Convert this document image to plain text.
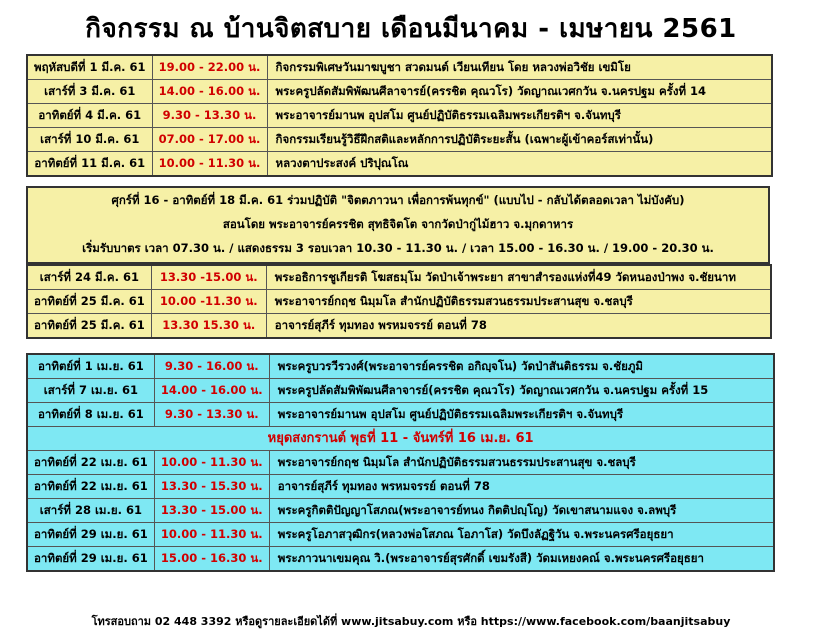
กิจกรรม ณ บ้านจิตสบาย เดือนมีนาคม - เมษายน 2561
พฤหัสบดีที่ 1 มี.ค. 61	19.00 - 22.00 น.	กิจกรรมพิเศษวันมาฆบูชา สวดมนต์ เวียนเทียน โดย หลวงพ่อวิชัย เขมิโย
เสาร์ที่ 3 มี.ค. 61	14.00 - 16.00 น.	พระครูปลัดสัมพิพัฒนศีลาจารย์(ครรชิต คุณวโร) วัดญาณเวศกวัน จ.นครปฐม ครั้งที่ 14
อาทิตย์ที่ 4 มี.ค. 61	9.30 - 13.30 น.	พระอาจารย์มานพ อุปสโม ศูนย์ปฏิบัติธรรมเฉลิมพระเกียรติฯ จ.จันทบุรี
เสาร์ที่ 10 มี.ค. 61	07.00 - 17.00 น.	กิจกรรมเรียนรู้วิธีฝึกสติและหลักการปฏิบัติระยะสั้น (เฉพาะผู้เข้าคอร์สเท่านั้น)
อาทิตย์ที่ 11 มี.ค. 61	10.00 - 11.30 น.	หลวงตาประสงค์ ปริปุณโณ
ศุกร์ที่ 16 - อาทิตย์ที่ 18 มี.ค. 61 ร่วมปฏิบัติ "จิตตภาวนา เพื่อการพ้นทุกข์" (แบบไป - กลับได้ตลอดเวลา ไม่บังคับ)
สอนโดย พระอาจารย์ครรชิต สุทธิจิตโต จากวัดป่ากู่ไม้ฮาว จ.มุกดาหาร
เริ่มรับบาตร เวลา 07.30 น. / แสดงธรรม 3 รอบเวลา 10.30 - 11.30 น. / เวลา 15.00 - 16.30 น. / 19.00 - 20.30 น.
เสาร์ที่ 24 มี.ค. 61	13.30 -15.00 น.	พระอธิการชูเกียรติ โฆสธมฺโม วัดป่าเจ้าพระยา สาขาสำรองแห่งที่49 วัดหนองป่าพง จ.ชัยนาท
อาทิตย์ที่ 25 มี.ค. 61	10.00 -11.30 น.	พระอาจารย์กฤช นิมฺมโล สำนักปฏิบัติธรรมสวนธรรมประสานสุข จ.ชลบุรี
อาทิตย์ที่ 25 มี.ค. 61	13.30 15.30 น.	อาจารย์สุภีร์ ทุมทอง พรหมจรรย์ ตอนที่ 78
อาทิตย์ที่ 1 เม.ย. 61	9.30 - 16.00 น.	พระครูบวรวีรวงศ์(พระอาจารย์ครรชิต อกิญฺจโน) วัดป่าสันติธรรม จ.ชัยภูมิ
เสาร์ที่ 7 เม.ย. 61	14.00 - 16.00 น.	พระครูปลัดสัมพิพัฒนศีลาจารย์(ครรชิต คุณวโร) วัดญาณเวศกวัน จ.นครปฐม ครั้งที่ 15
อาทิตย์ที่ 8 เม.ย. 61	9.30 - 13.30 น.	พระอาจารย์มานพ อุปสโม ศูนย์ปฏิบัติธรรมเฉลิมพระเกียรติฯ จ.จันทบุรี
หยุดสงกรานต์ พุธที่ 11 - จันทร์ที่ 16 เม.ย. 61		
อาทิตย์ที่ 22 เม.ย. 61	10.00 - 11.30 น.	พระอาจารย์กฤช นิมฺมโล สำนักปฏิบัติธรรมสวนธรรมประสานสุข จ.ชลบุรี
อาทิตย์ที่ 22 เม.ย. 61	13.30 - 15.30 น.	อาจารย์สุภีร์ ทุมทอง พรหมจรรย์ ตอนที่ 78
เสาร์ที่ 28 เม.ย. 61	13.30 - 15.00 น.	พระครูกิตติปัญญาโสภณ(พระอาจารย์ทนง กิตติปญฺโญ) วัดเขาสนามแจง จ.ลพบุรี
อาทิตย์ที่ 29 เม.ย. 61	10.00 - 11.30 น.	พระครูโอภาสวุฒิกร(หลวงพ่อโสภณ โอภาโส) วัดบึงลัฏฐิวัน จ.พระนครศรีอยุธยา
อาทิตย์ที่ 29 เม.ย. 61	15.00 - 16.30 น.	พระภาวนาเขมคุณ วิ.(พระอาจารย์สุรศักดิ์ เขมรังสี) วัดมเหยงคณ์ จ.พระนครศรีอยุธยา
โทรสอบถาม 02 448 3392 หรือดูรายละเอียดได้ที่ www.jitsabuy.com หรือ https://www.facebook.com/baanjitsabuy
